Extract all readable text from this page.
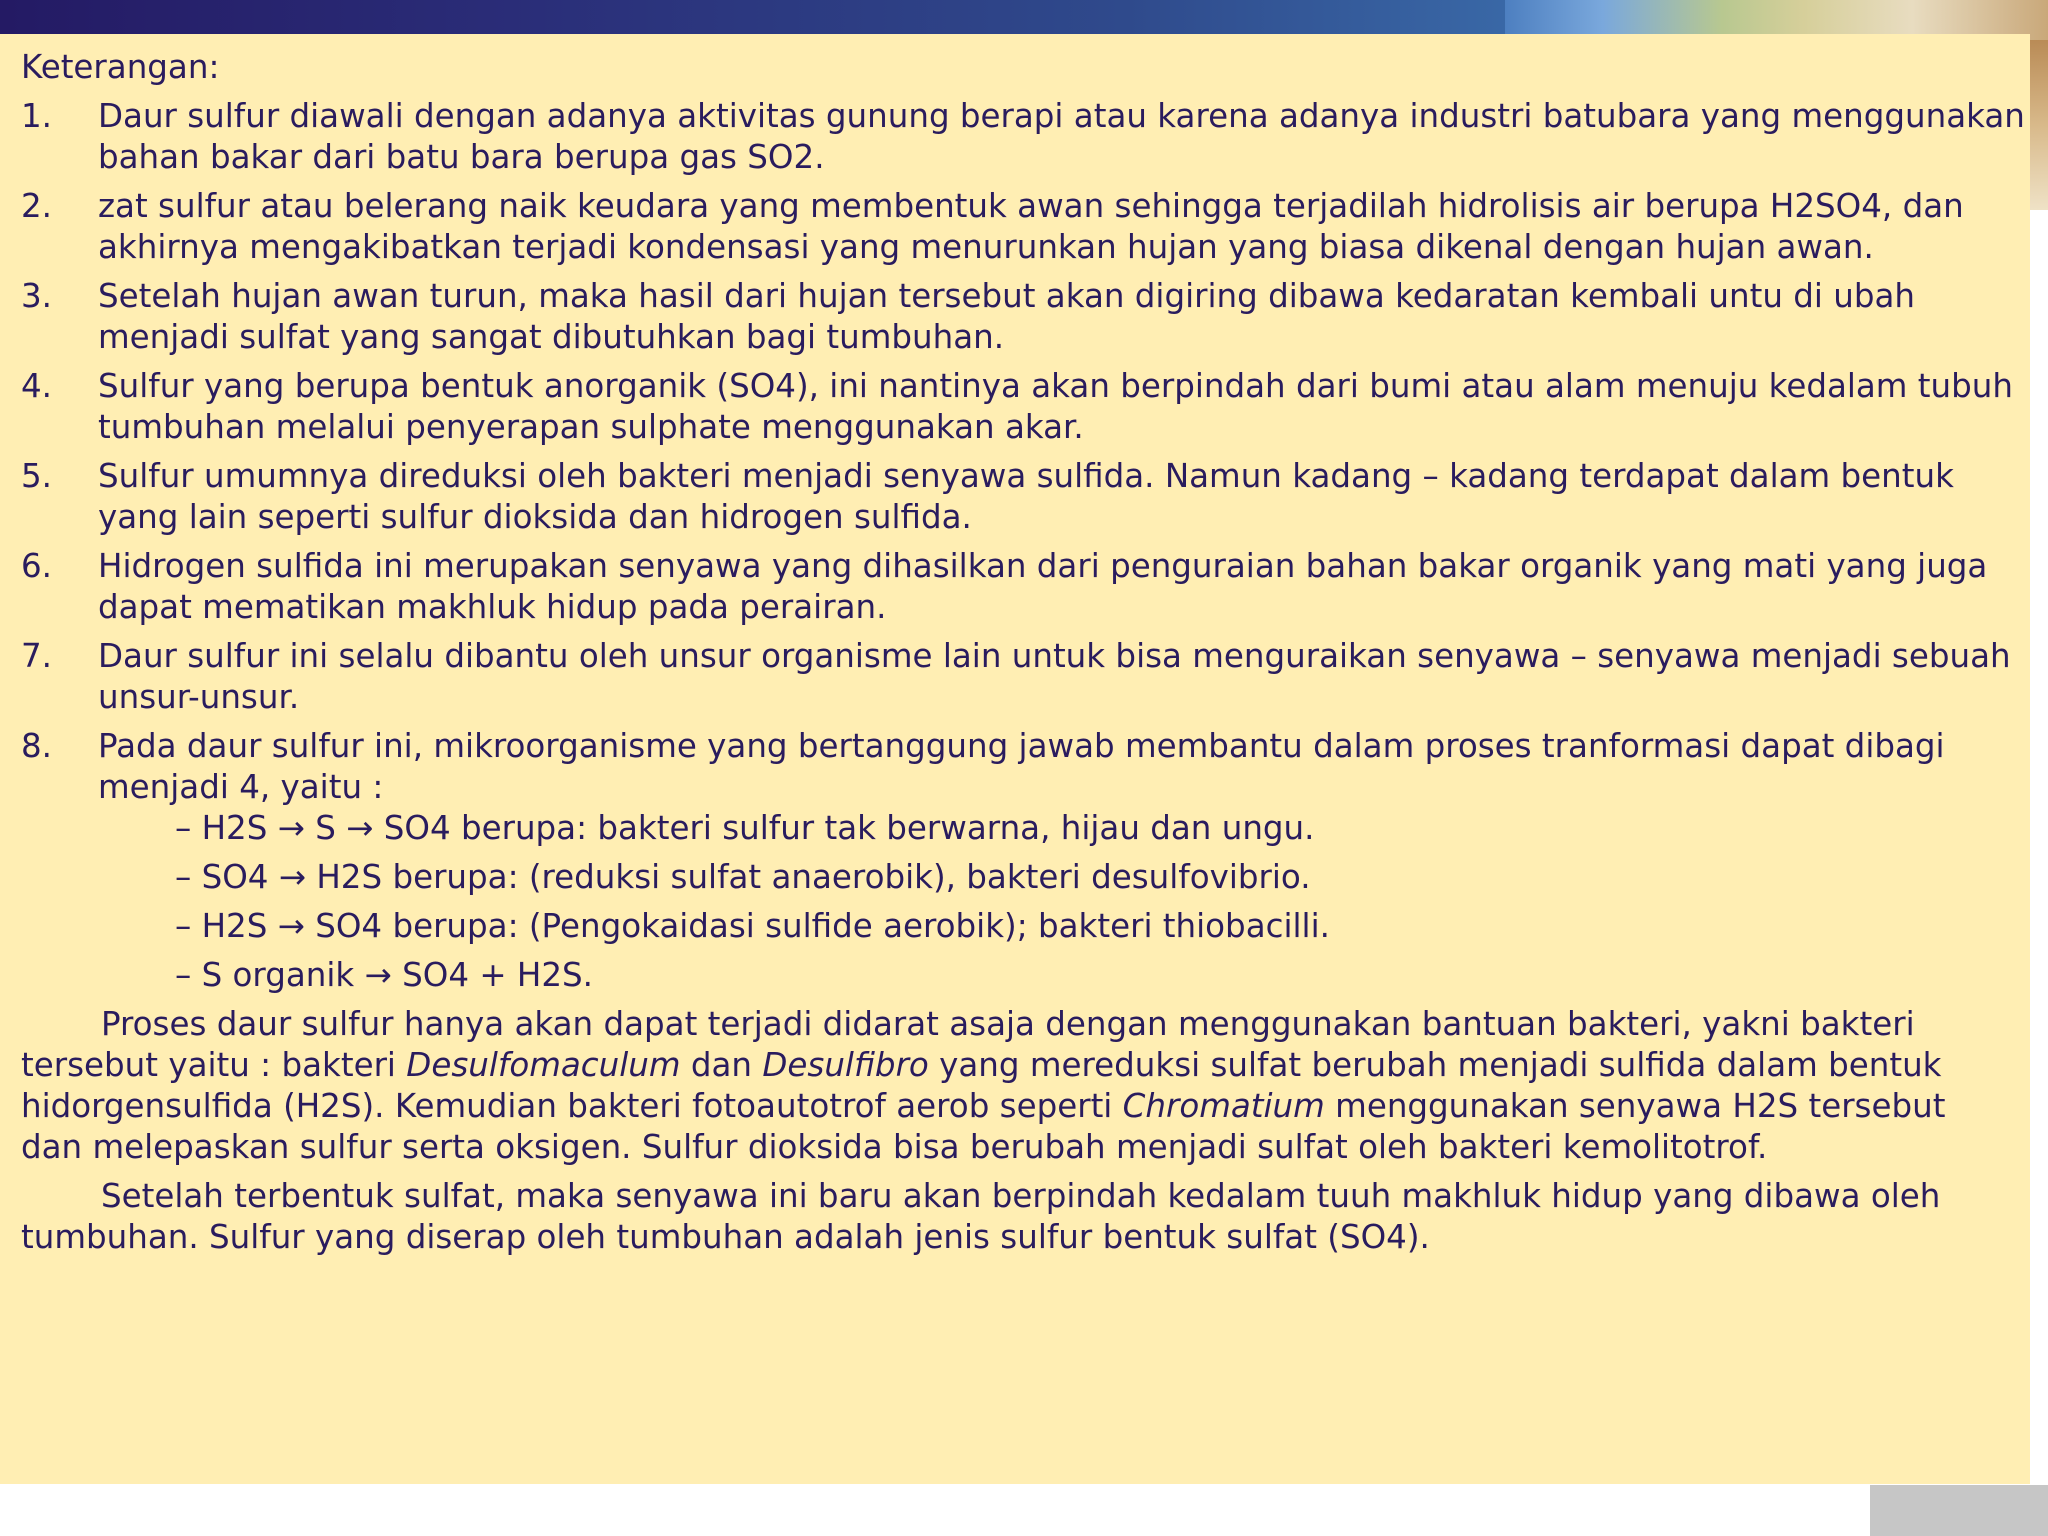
Keterangan:
1. Daur sulfur diawali dengan adanya aktivitas gunung berapi atau karena adanya industri batubara yang menggunakan bahan bakar dari batu bara berupa gas SO2.
2. zat sulfur atau belerang naik keudara yang membentuk awan sehingga terjadilah hidrolisis air berupa H2SO4, dan akhirnya mengakibatkan terjadi kondensasi yang menurunkan hujan yang biasa dikenal dengan hujan awan.
3. Setelah hujan awan turun, maka hasil dari hujan tersebut akan digiring dibawa kedaratan kembali untu di ubah menjadi sulfat yang sangat dibutuhkan bagi tumbuhan.
4. Sulfur yang berupa bentuk anorganik (SO4), ini nantinya akan berpindah dari bumi atau alam menuju kedalam tubuh tumbuhan melalui penyerapan sulphate menggunakan akar.
5. Sulfur umumnya direduksi oleh bakteri menjadi senyawa sulfida. Namun kadang – kadang terdapat dalam bentuk yang lain seperti sulfur dioksida dan hidrogen sulfida.
6. Hidrogen sulfida ini merupakan senyawa yang dihasilkan dari penguraian bahan bakar organik yang mati yang juga dapat mematikan makhluk hidup pada perairan.
7. Daur sulfur ini selalu dibantu oleh unsur organisme lain untuk bisa menguraikan senyawa – senyawa menjadi sebuah unsur-unsur.
8. Pada daur sulfur ini, mikroorganisme yang bertanggung jawab membantu dalam proses tranformasi dapat dibagi menjadi 4, yaitu :
– H2S → S → SO4 berupa: bakteri sulfur tak berwarna, hijau dan ungu.
– SO4 → H2S berupa: (reduksi sulfat anaerobik), bakteri desulfovibrio.
– H2S → SO4 berupa: (Pengokaidasi sulfide aerobik); bakteri thiobacilli.
– S organik → SO4 + H2S.

Proses daur sulfur hanya akan dapat terjadi didarat asaja dengan menggunakan bantuan bakteri, yakni bakteri tersebut yaitu : bakteri Desulfomaculum dan Desulfibro yang mereduksi sulfat berubah menjadi sulfida dalam bentuk hidorgensulfida (H2S). Kemudian bakteri fotoautotrof aerob seperti Chromatium menggunakan senyawa H2S tersebut dan melepaskan sulfur serta oksigen. Sulfur dioksida bisa berubah menjadi sulfat oleh bakteri kemolitotrof.

Setelah terbentuk sulfat, maka senyawa ini baru akan berpindah kedalam tuuh makhluk hidup yang dibawa oleh tumbuhan. Sulfur yang diserap oleh tumbuhan adalah jenis sulfur bentuk sulfat (SO4).
